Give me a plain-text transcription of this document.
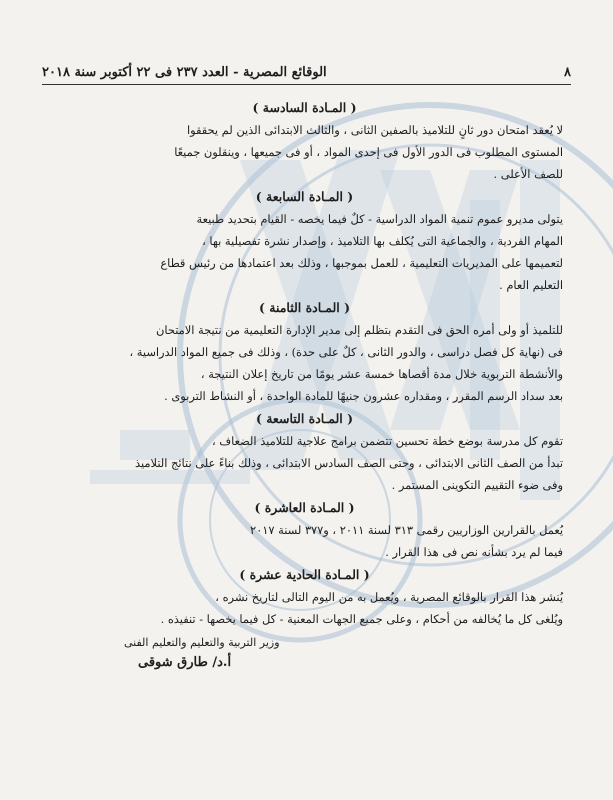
٨
الوقائع المصرية - العدد ٢٣٧ فى ٢٢ أكتوبر سنة ٢٠١٨
( المـادة السادسة )

لا يُعقد امتحان دور ثانٍ للتلاميذ بالصفين الثانى ، والثالث الابتدائى الذين لم يحققوا
المستوى المطلوب فى الدور الأول فى إحدى المواد ، أو فى جميعها ، وينقلون جميعًا
للصف الأعلى .

( المـادة السابعة )

يتولى مديرو عموم تنمية المواد الدراسية - كلٌ فيما يخصه - القيام بتحديد طبيعة
المهام الفردية ، والجماعية التى يُكلف بها التلاميذ ، وإصدار نشرة تفصيلية بها ،
لتعميمها على المديريات التعليمية ، للعمل بموجبها ، وذلك بعد اعتمادها من رئيس قطاع
التعليم العام .

( المـادة الثامنة )

للتلميذ أو ولى أمره الحق فى التقدم بتظلم إلى مدير الإدارة التعليمية من نتيجة الامتحان
فى (نهاية كل فصل دراسى ، والدور الثانى ، كلٌ على حدة) ، وذلك فى جميع المواد الدراسية ،
والأنشطة التربوية خلال مدة أقصاها خمسة عشر يومًا من تاريخ إعلان النتيجة ،
بعد سداد الرسم المقرر ، ومقداره عشرون جنيهًا للمادة الواحدة ، أو النشاط التربوى .

( المـادة التاسعة )

تقوم كل مدرسة بوضع خطة تحسين تتضمن برامج علاجية للتلاميذ الضعاف ،
تبدأ من الصف الثانى الابتدائى ، وحتى الصف السادس الابتدائى ، وذلك بناءً على نتائج التلاميذ
وفى ضوء التقييم التكوينى المستمر .

( المـادة العاشرة )

يُعمل بالقرارين الوزاريين رقمى ٣١٣ لسنة ٢٠١١ ، و٣٧٧ لسنة ٢٠١٧
فيما لم يرد بشأنه نص فى هذا القرار .

( المـادة الحادية عشرة )

يُنشر هذا القرار بالوقائع المصرية ، ويُعمل به من اليوم التالى لتاريخ نشره ،
ويُلغى كل ما يُخالفه من أحكام ، وعلى جميع الجهات المعنية - كل فيما يخصها - تنفيذه .

وزير التربية والتعليم والتعليم الفنى
أ.د/ طارق شوقى
